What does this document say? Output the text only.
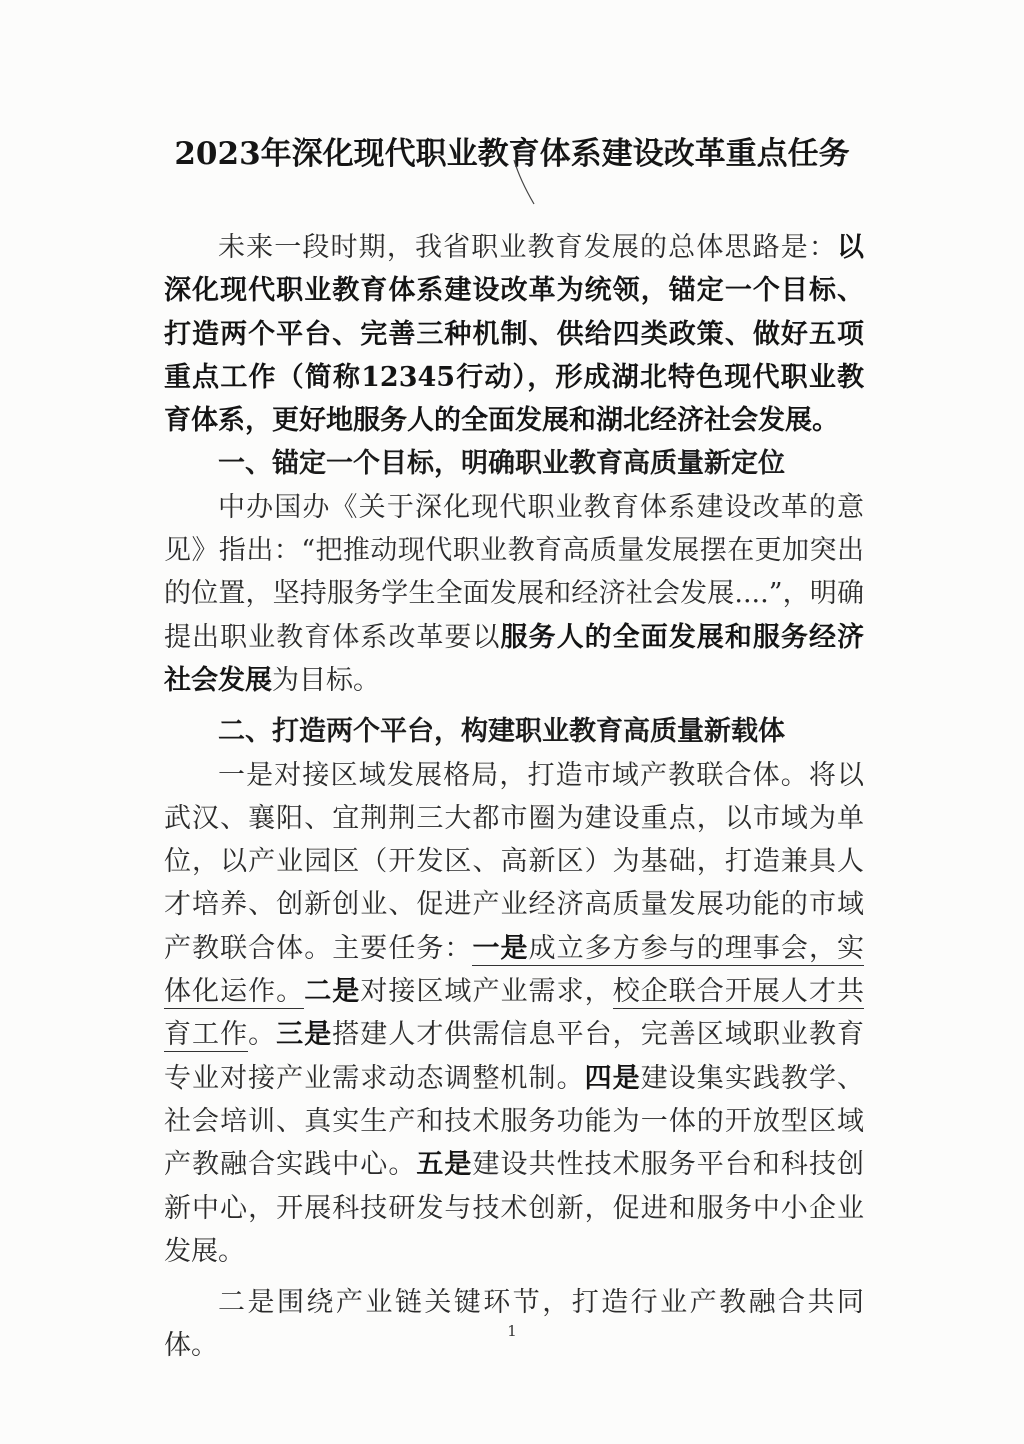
2023年深化现代职业教育体系建设改革重点任务

未来一段时期，我省职业教育发展的总体思路是：以深化现代职业教育体系建设改革为统领，锚定一个目标、打造两个平台、完善三种机制、供给四类政策、做好五项重点工作（简称12345行动），形成湖北特色现代职业教育体系，更好地服务人的全面发展和湖北经济社会发展。

一、锚定一个目标，明确职业教育高质量新定位

中办国办《关于深化现代职业教育体系建设改革的意见》指出：“把推动现代职业教育高质量发展摆在更加突出的位置，坚持服务学生全面发展和经济社会发展....”，明确提出职业教育体系改革要以服务人的全面发展和服务经济社会发展为目标。

二、打造两个平台，构建职业教育高质量新载体

一是对接区域发展格局，打造市域产教联合体。将以武汉、襄阳、宜荆荆三大都市圈为建设重点，以市域为单位，以产业园区（开发区、高新区）为基础，打造兼具人才培养、创新创业、促进产业经济高质量发展功能的市域产教联合体。主要任务：一是成立多方参与的理事会，实体化运作。二是对接区域产业需求，校企联合开展人才共育工作。三是搭建人才供需信息平台，完善区域职业教育专业对接产业需求动态调整机制。四是建设集实践教学、社会培训、真实生产和技术服务功能为一体的开放型区域产教融合实践中心。五是建设共性技术服务平台和科技创新中心，开展科技研发与技术创新，促进和服务中小企业发展。

二是围绕产业链关键环节，打造行业产教融合共同体。	1
